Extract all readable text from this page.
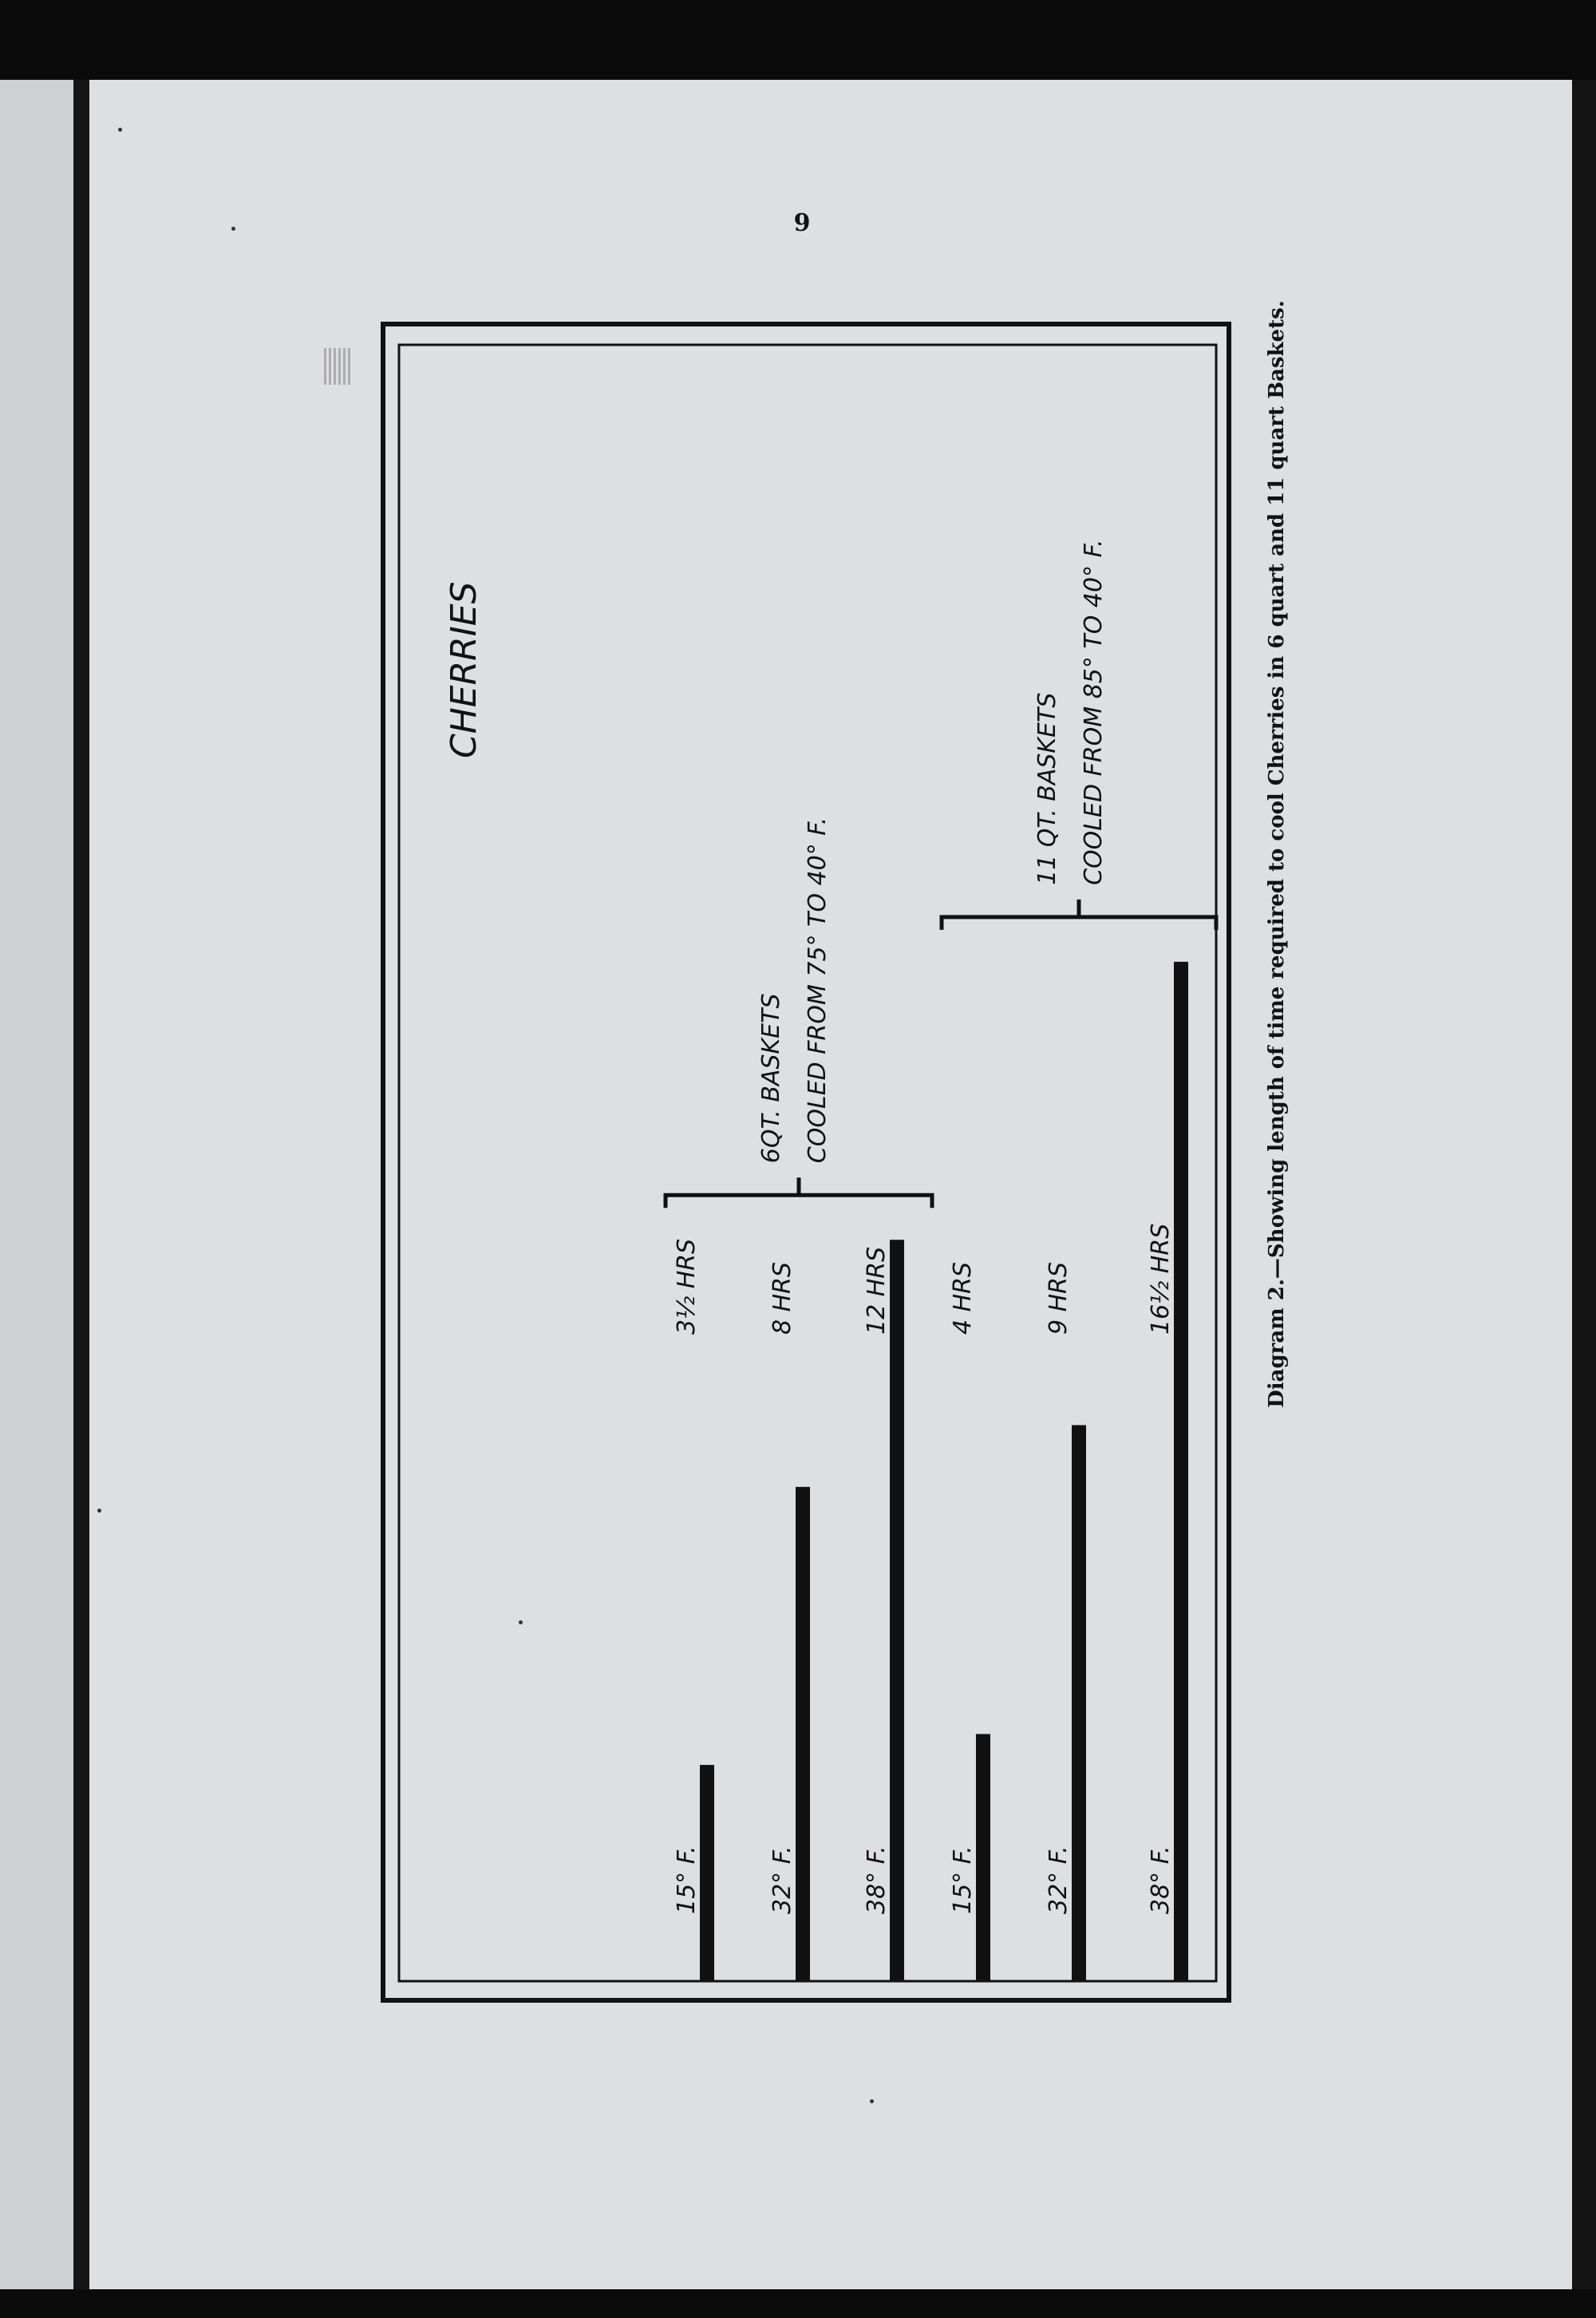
9
CHERRIES
15° F.
3½ HRS
32° F.
8 HRS
38° F.
12 HRS
6QT. BASKETS COOLED FROM 75° TO 40° F.
15° F.
4 HRS
32° F.
9 HRS
38° F.
16½ HRS
11 QT. BASKETS COOLED FROM 85° TO 40° F.	Diagram 2.—Showing length of time required to cool Cherries in 6 quart and 11 quart Baskets.
